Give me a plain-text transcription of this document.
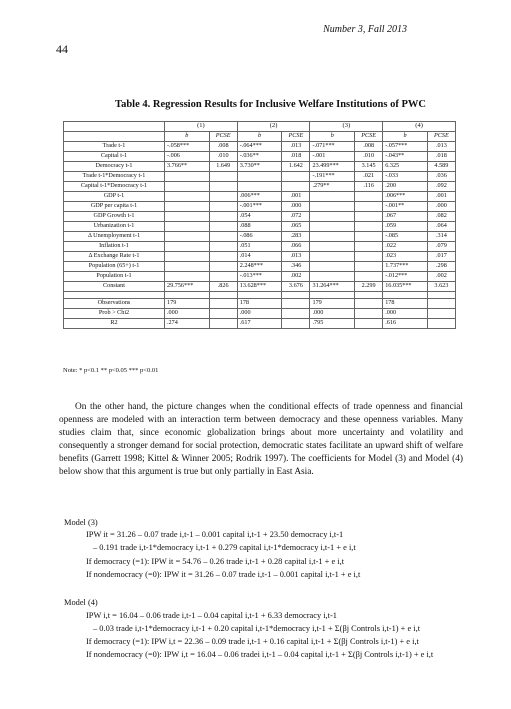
Number 3, Fall 2013
44
Table 4. Regression Results for Inclusive Welfare Institutions of PWC
	(1)		(2)		(3)		(4)	
	b	PCSE	b	PCSE	b	PCSE	b	PCSE
Trade t-1	-.058***	.008	-.064***	.013	-.071***	.008	-.057***	.013
Capital t-1	-.006	.010	-.036**	.018	-.001	.010	-.043**	.018
Democracy t-1	3.766**	1.649	3.730**	1.642	23.499***	3.145	6.325	4.589
Trade t-1*Democracy t-1					-.191***	.021	-.033	.036
Capital t-1*Democracy t-1					.279**	.116	.200	.092
GDP t-1			.006***	.001			.006***	.001
GDP per capita t-1			-.001***	.000			-.001**	.000
GDP Growth t-1			.054	.072			.067	.082
Urbanization t-1			.088	.065			.059	.064
Δ Unemployment t-1			-.086	.283			-.085	.314
Inflation t-1			.051	.066			.022	.079
Δ Exchange Rate t-1			.014	.013			.023	.017
Population (65+) t-1			2.248***	.346			1.737***	.298
Population t-1			-.013***	.002			-.012***	.002
Constant	29.756***	.826	13.628***	3.676	31.264***	2.299	16.035***	3.623

Observations	179		178		179		178	
Prob > Chi2	.000		.000		.000		.000	
R2	.274		.617		.795		.616	
Note: * p<0.1 ** p<0.05 *** p<0.01
On the other hand, the picture changes when the conditional effects of trade openness and financial openness are modeled with an interaction term between democracy and these openness variables. Many studies claim that, since economic globalization brings about more uncertainty and volatility and consequently a stronger demand for social protection, democratic states facilitate an upward shift of welfare benefits (Garrett 1998; Kittel & Winner 2005; Rodrik 1997). The coefficients for Model (3) and Model (4) below show that this argument is true but only partially in East Asia.
Model (3)
IPW it = 31.26 – 0.07 trade i,t-1 – 0.001 capital i,t-1 + 23.50 democracy i,t-1
– 0.191 trade i,t-1*democracy i,t-1 + 0.279 capital i,t-1*democracy i,t-1 + e i,t
If democracy (=1): IPW it = 54.76 – 0.26 trade i,t-1 + 0.28 capital i,t-1 + e i,t
If nondemocracy (=0): IPW it = 31.26 – 0.07 trade i,t-1 – 0.001 capital i,t-1 + e i,t
Model (4)
IPW i,t = 16.04 – 0.06 trade i,t-1 – 0.04 capital i,t-1 + 6.33 democracy i,t-1
– 0.03 trade i,t-1*democracy i,t-1 + 0.20 capital i,t-1*democracy i,t-1 + Σ(βj Controls i,t-1) + e i,t
If democracy (=1): IPW i,t = 22.36 – 0.09 trade i,t-1 + 0.16 capital i,t-1 + Σ(βj Controls i,t-1) + e i,t
If nondemocracy (=0): IPW i,t = 16.04 – 0.06 tradei i,t-1 – 0.04 capital i,t-1 + Σ(βj Controls i,t-1) + e i,t
